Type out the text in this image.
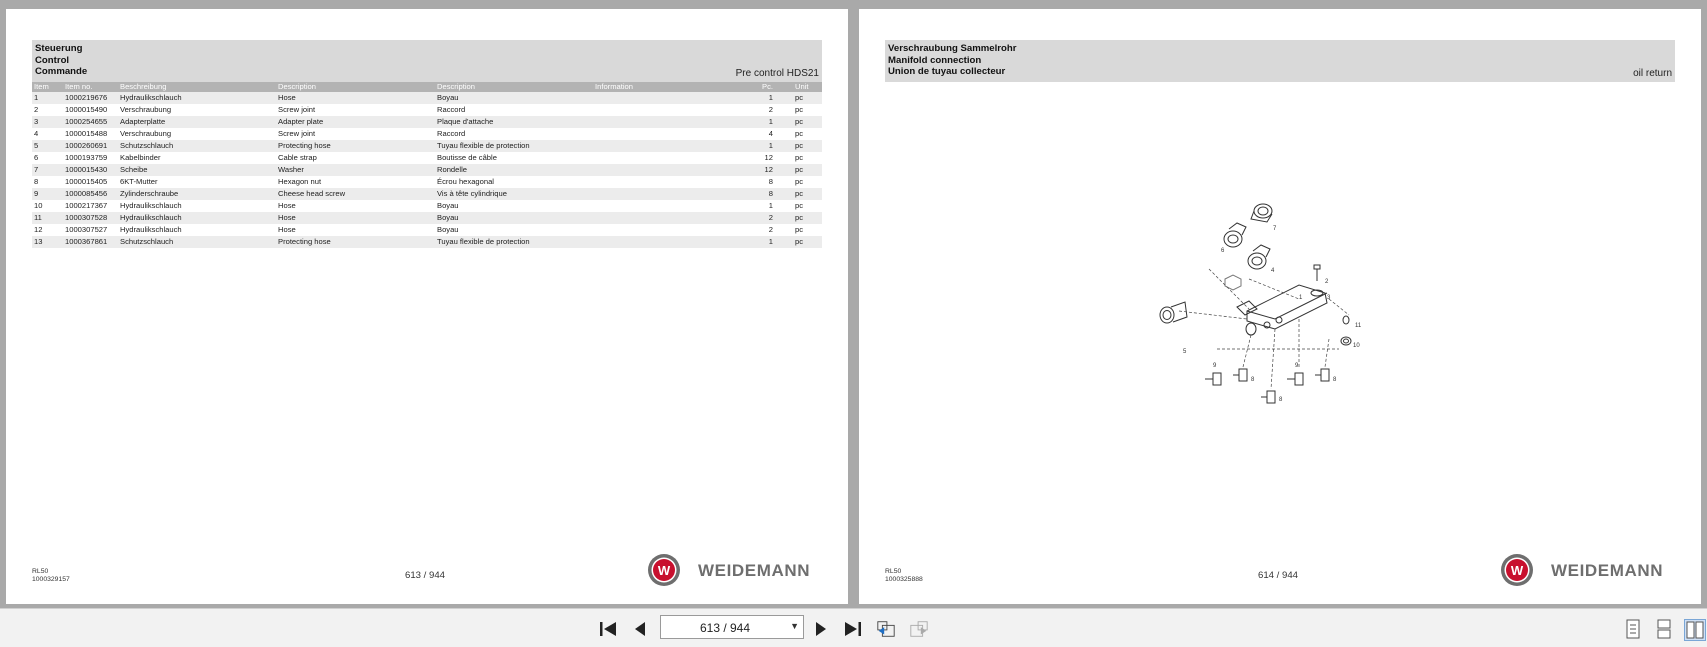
Steuerung
Control
Commande	Pre control HDS21
Item	Item no.	Beschreibung	Description	Description	Information	Pc.	Unit
1	1000219676	Hydraulikschlauch	Hose	Boyau		1	pc
2	1000015490	Verschraubung	Screw joint	Raccord		2	pc
3	1000254655	Adapterplatte	Adapter plate	Plaque d'attache		1	pc
4	1000015488	Verschraubung	Screw joint	Raccord		4	pc
5	1000260691	Schutzschlauch	Protecting hose	Tuyau flexible de protection		1	pc
6	1000193759	Kabelbinder	Cable strap	Boutisse de câble		12	pc
7	1000015430	Scheibe	Washer	Rondelle		12	pc
8	1000015405	6KT-Mutter	Hexagon nut	Écrou hexagonal		8	pc
9	1000085456	Zylinderschraube	Cheese head screw	Vis à tête cylindrique		8	pc
10	1000217367	Hydraulikschlauch	Hose	Boyau		1	pc
11	1000307528	Hydraulikschlauch	Hose	Boyau		2	pc
12	1000307527	Hydraulikschlauch	Hose	Boyau		2	pc
13	1000367861	Schutzschlauch	Protecting hose	Tuyau flexible de protection		1	pc
RL50
1000329157	613 / 944	W WEIDEMANN
Verschraubung Sammelrohr
Manifold connection
Union de tuyau collecteur	oil return
7
6
4
2
3
1
5
11
10
9
8
9
8
8
RL50
1000325888	614 / 944	W WEIDEMANN
613 / 944
▼
